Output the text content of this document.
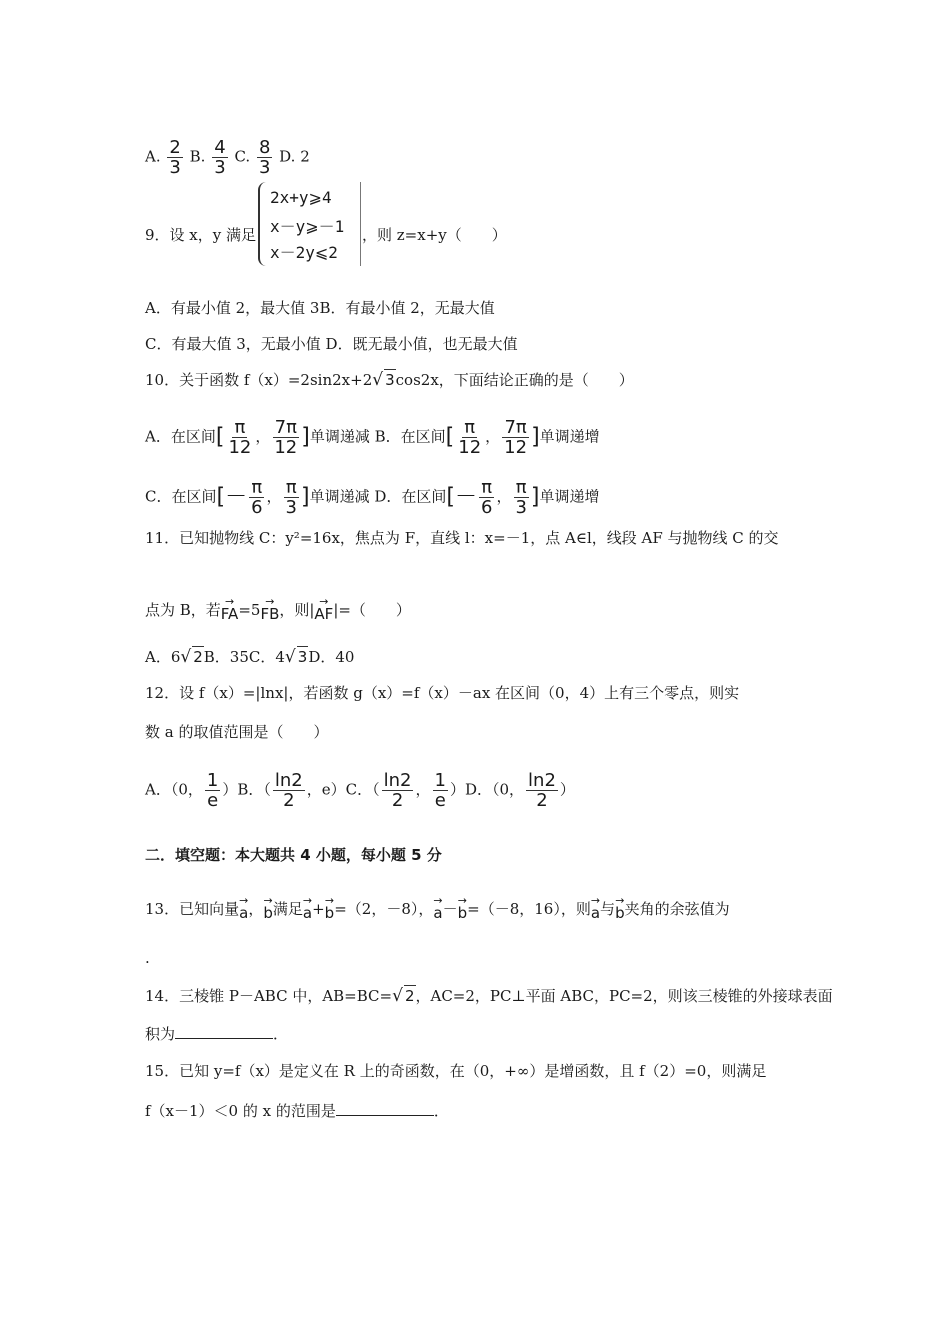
A. $\frac{2}{3} B$. $\frac{4}{3} C$. $\frac{8}{3} D$. 2
9．设 x，y 满足
2x+y⩾4
x－y⩾－1
x－2y⩽2
，则 z=x+y（　　）
A．有最小值 2，最大值 3B．有最小值 2，无最大值
C．有最大值 3，无最小值 D．既无最小值，也无最大值
10．关于函数 f（x）=2sin2x+2√ 3cos2x，下面结论正确的是（　　）
A．在区间[ $\frac{\pi}{12}$ ， $\frac{7\pi}{12}$ ]单调递减 B．在区间[ $\frac{\pi}{12}$ ， $\frac{7\pi}{12}$ ]单调递增
C．在区间[－ $\frac{\pi}{6}$ ， $\frac{\pi}{3}$ ]单调递减 D．在区间[－ $\frac{\pi}{6}$ ， $\frac{\pi}{3}$ ]单调递增
11．已知抛物线 C：y²=16x，焦点为 F，直线 l：x=－1，点 A∈l，线段 AF 与抛物线 C 的交
点为 B，若 →
FA =5 →
FB ，则| →
AF |=（　　）
A．6√ 2B．35C．4√ 3D．40
12．设 f（x）=|lnx|，若函数 g（x）=f（x）－ax 在区间（0，4）上有三个零点，则实
数 a 的取值范围是（　　）
A．（0， $\frac{1}{e} )B$．（ $\frac{\ln 2}{2}$ ，e）C．（ $\frac{\ln 2}{2}$ ， $\frac{1}{e} )D$．（0， $\frac{\ln 2}{2}$ ）
二．填空题：本大题共 4 小题，每小题 5 分
13．已知向量 →
a ， →
b 满足 →
a + →
b =（2，－8）， →
a － →
b =（－8，16），则 →
a 与 →
b 夹角的余弦值为
.
14．三棱锥 P－ABC 中，AB=BC=√ 2，AC=2，PC⊥平面 ABC，PC=2，则该三棱锥的外接球表面
积为	．
15．已知 y=f（x）是定义在 R 上的奇函数，在（0，+∞）是增函数，且 f（2）=0，则满足
f（x－1）＜0 的 x 的范围是	．
